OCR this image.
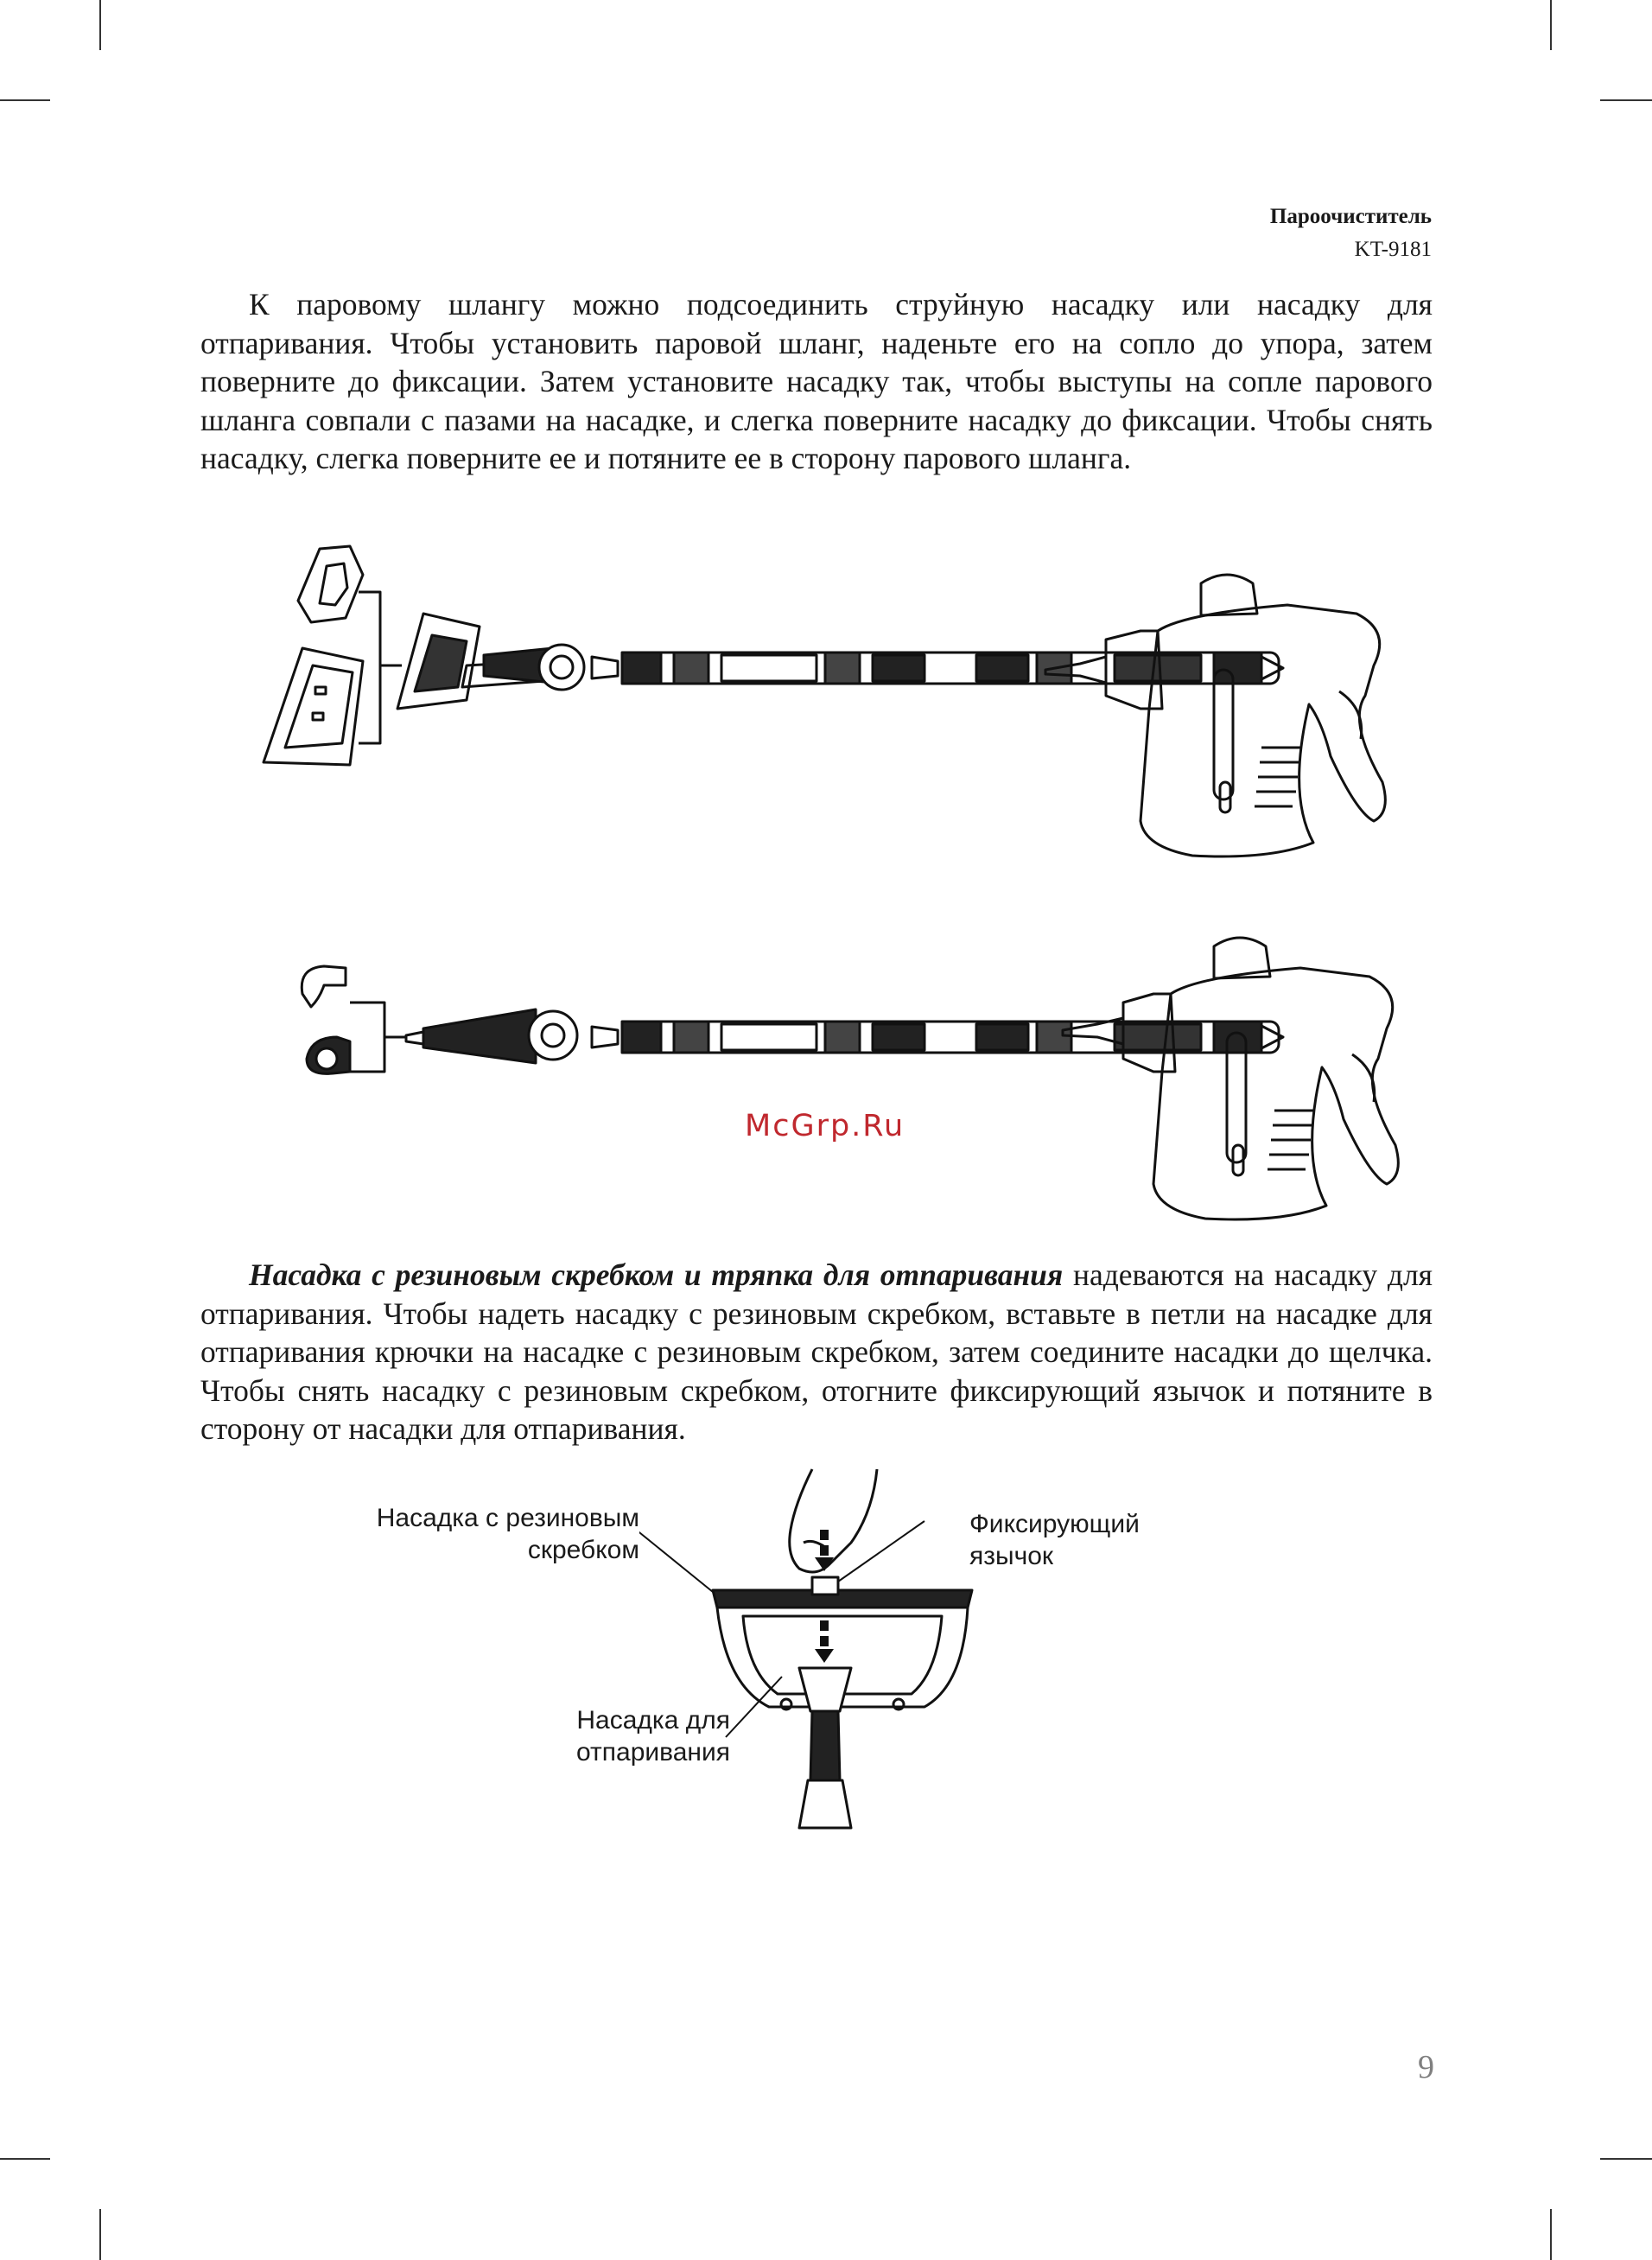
Пароочиститель
KT-9181
К паровому шлангу можно подсоединить струйную насадку или насадку для отпаривания. Чтобы установить паровой шланг, наденьте его на сопло до упора, затем поверните до фиксации. Затем установите насадку так, чтобы выступы на сопле парового шланга совпали с пазами на насадке, и слегка поверните насадку до фиксации. Чтобы снять насадку, слегка поверните ее и потяните ее в сторону парового шланга.
McGrp.Ru
Насадка с резиновым скребком и тряпка для отпаривания надеваются на насадку для отпаривания. Чтобы надеть насадку с резиновым скребком, вставьте в петли на насадке для отпаривания крючки на насадке с резиновым скребком, затем соедините насадки до щелчка. Чтобы снять насадку с резиновым скребком, отогните фиксирующий язычок и потяните в сторону от насадки для отпаривания.
Насадка с резиновым
скребком
Фиксирующий
язычок
Насадка для
отпаривания
9
